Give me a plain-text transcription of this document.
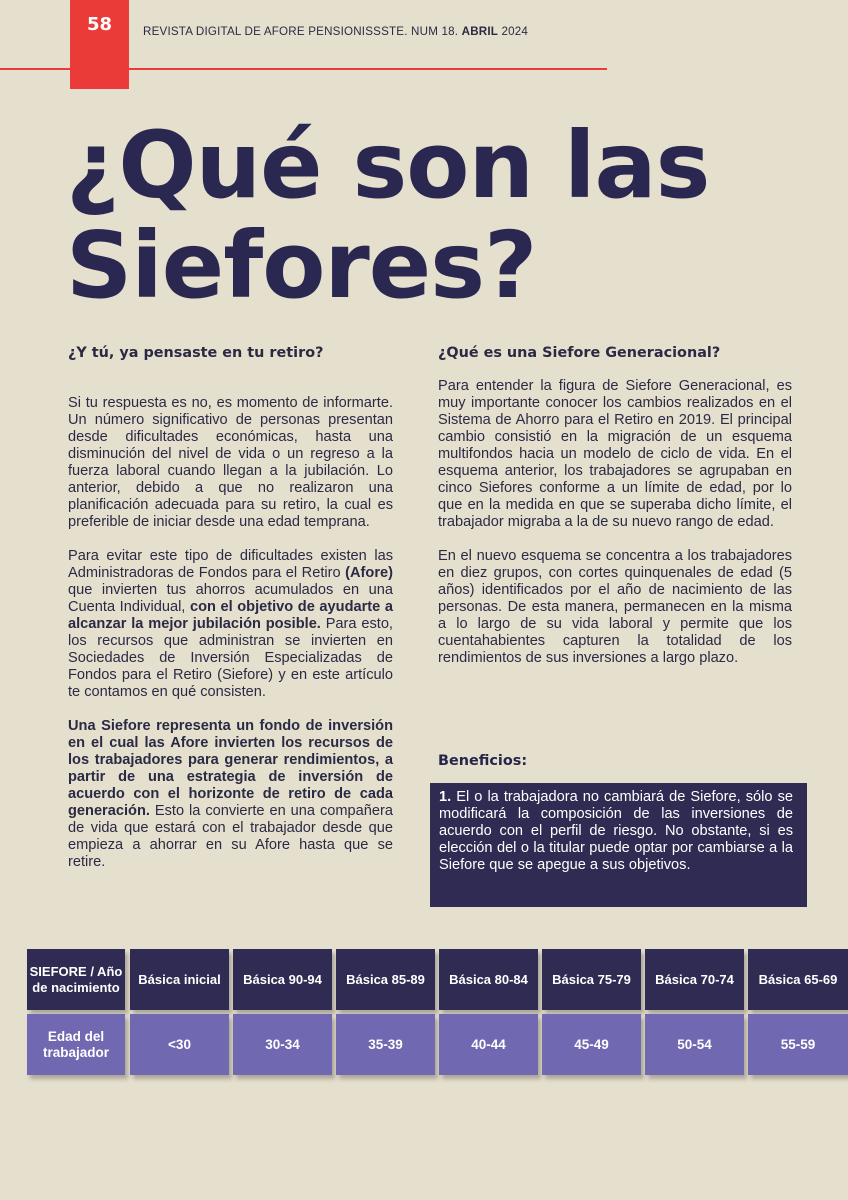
58	REVISTA DIGITAL DE AFORE PENSIONISSSTE. NUM 18. ABRIL 2024
¿Qué son las Siefores?
¿Y tú, ya pensaste en tu retiro?

Si tu respuesta es no, es momento de informarte. Un número significativo de personas presentan desde dificultades económicas, hasta una disminución del nivel de vida o un regreso a la fuerza laboral cuando llegan a la jubilación. Lo anterior, debido a que no realizaron una planificación adecuada para su retiro, la cual es preferible de iniciar desde una edad temprana.

Para evitar este tipo de dificultades existen las Administradoras de Fondos para el Retiro (Afore) que invierten tus ahorros acumulados en una Cuenta Individual, con el objetivo de ayudarte a alcanzar la mejor jubilación posible. Para esto, los recursos que administran se invierten en Sociedades de Inversión Especializadas de Fondos para el Retiro (Siefore) y en este artículo te contamos en qué consisten.

Una Siefore representa un fondo de inversión en el cual las Afore invierten los recursos de los trabajadores para generar rendimientos, a partir de una estrategia de inversión de acuerdo con el horizonte de retiro de cada generación. Esto la convierte en una compañera de vida que estará con el trabajador desde que empieza a ahorrar en su Afore hasta que se retire.

¿Qué es una Siefore Generacional?

Para entender la figura de Siefore Generacional, es muy importante conocer los cambios realizados en el Sistema de Ahorro para el Retiro en 2019. El principal cambio consistió en la migración de un esquema multifondos hacia un modelo de ciclo de vida. En el esquema anterior, los trabajadores se agrupaban en cinco Siefores conforme a un límite de edad, por lo que en la medida en que se superaba dicho límite, el trabajador migraba a la de su nuevo rango de edad.

En el nuevo esquema se concentra a los trabajadores en diez grupos, con cortes quinquenales de edad (5 años) identificados por el año de nacimiento de las personas. De esta manera, permanecen en la misma a lo largo de su vida laboral y permite que los cuentahabientes capturen la totalidad de los rendimientos de sus inversiones a largo plazo.

Beneficios:
1. El o la trabajadora no cambiará de Siefore, sólo se modificará la composición de las inversiones de acuerdo con el perfil de riesgo. No obstante, si es elección del o la titular puede optar por cambiarse a la Siefore que se apegue a sus objetivos.
SIEFORE / Año de nacimiento
Edad del trabajador
Básica inicial
<30
Básica 90-94
30-34
Básica 85-89
35-39
Básica 80-84
40-44
Básica 75-79
45-49
Básica 70-74
50-54
Básica 65-69
55-59
